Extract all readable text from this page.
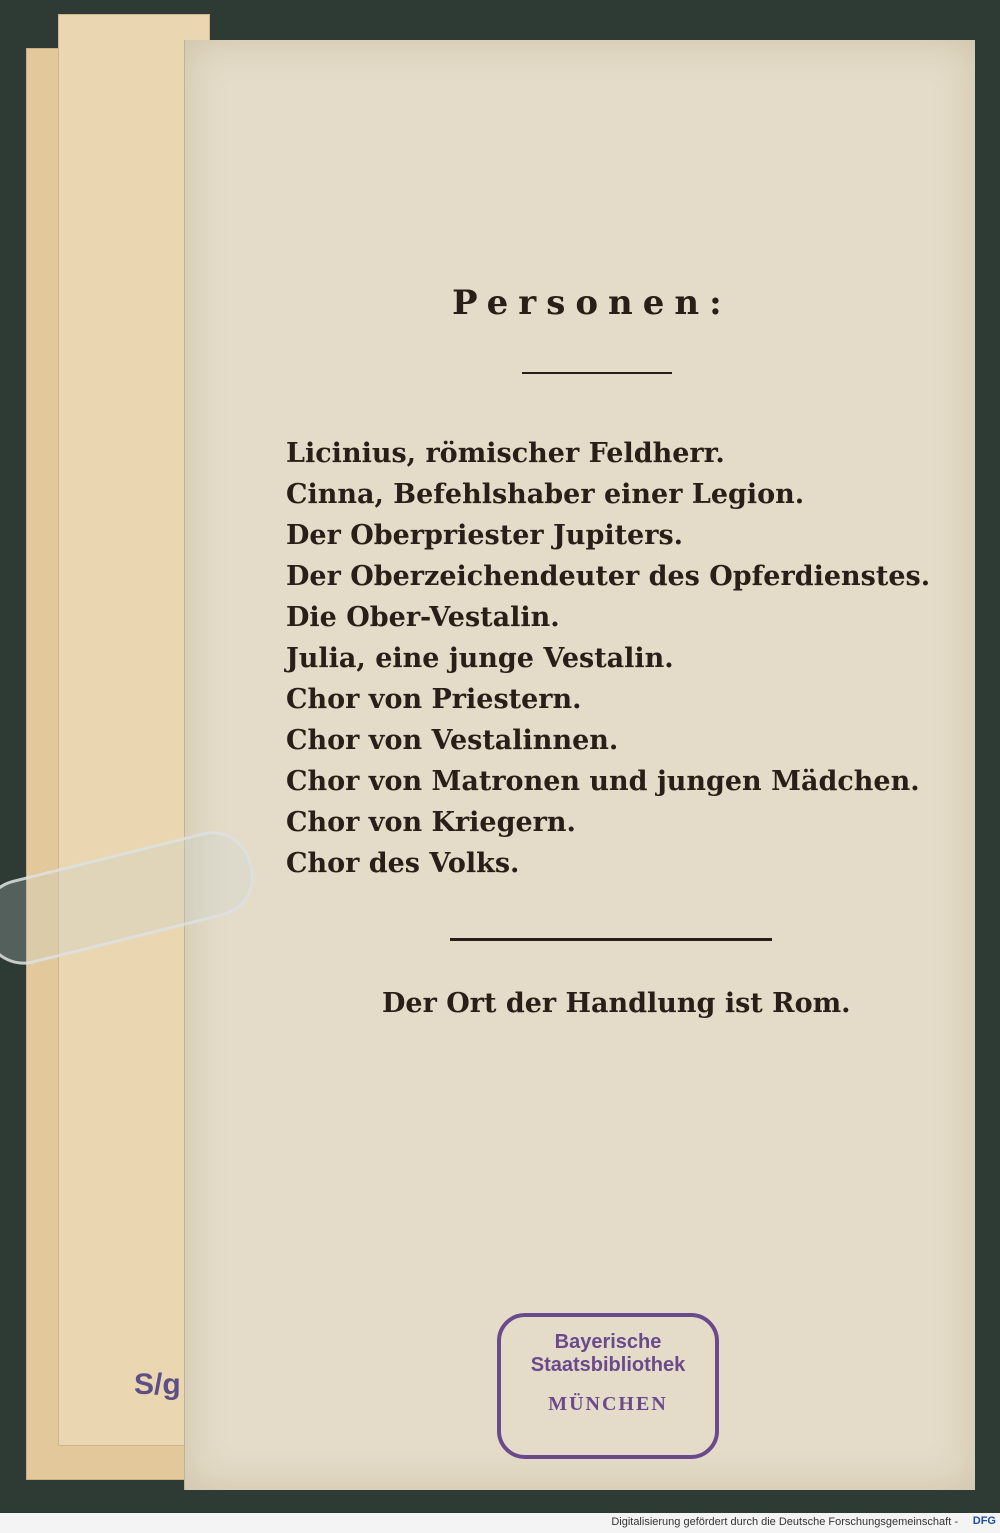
S/g
Personen:
Licinius, römischer Feldherr.
Cinna, Befehlshaber einer Legion.
Der Oberpriester Jupiters.
Der Oberzeichendeuter des Opferdienstes.
Die Ober-Vestalin.
Julia, eine junge Vestalin.
Chor von Priestern.
Chor von Vestalinnen.
Chor von Matronen und jungen Mädchen.
Chor von Kriegern.
Chor des Volks.
Der Ort der Handlung ist Rom.
Bayerische
Staatsbibliothek
MÜNCHEN
Digitalisierung gefördert durch die Deutsche Forschungsgemeinschaft - DFG
